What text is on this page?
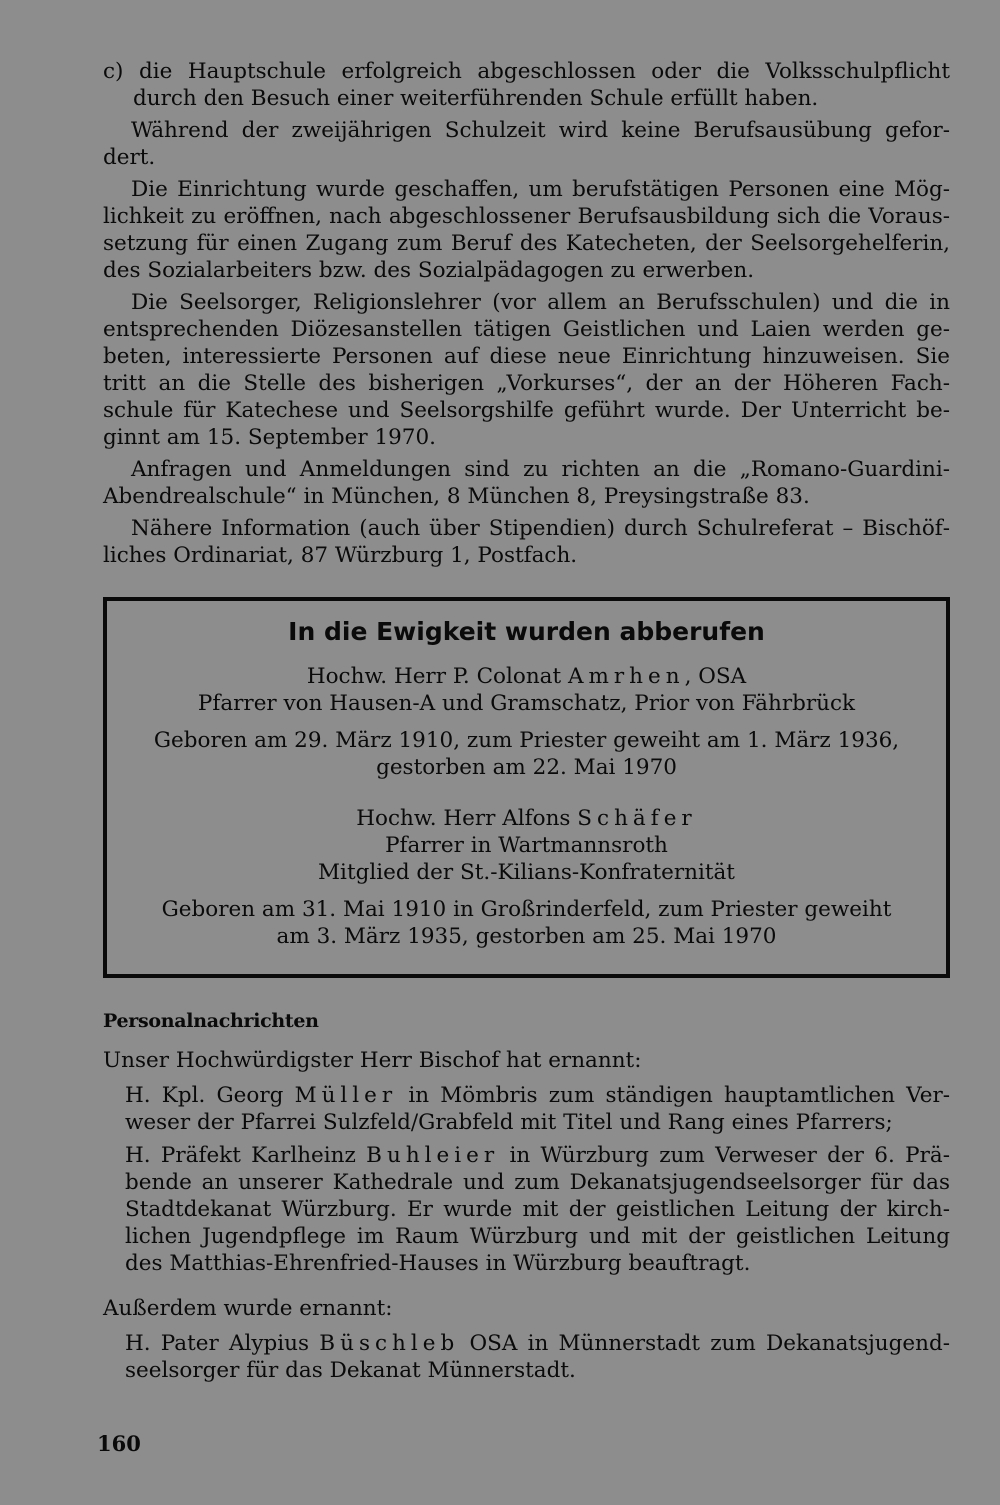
c) die Hauptschule erfolgreich abgeschlossen oder die Volksschulpflicht durch den Besuch einer weiterführenden Schule erfüllt haben.

Während der zweijährigen Schulzeit wird keine Berufsausübung gefordert.

Die Einrichtung wurde geschaffen, um berufstätigen Personen eine Möglichkeit zu eröffnen, nach abgeschlossener Berufsausbildung sich die Voraussetzung für einen Zugang zum Beruf des Katecheten, der Seelsorgehelferin, des Sozialarbeiters bzw. des Sozialpädagogen zu erwerben.

Die Seelsorger, Religionslehrer (vor allem an Berufsschulen) und die in entsprechenden Diözesanstellen tätigen Geistlichen und Laien werden gebeten, interessierte Personen auf diese neue Einrichtung hinzuweisen. Sie tritt an die Stelle des bisherigen „Vorkurses“, der an der Höheren Fachschule für Katechese und Seelsorgshilfe geführt wurde. Der Unterricht beginnt am 15. September 1970.

Anfragen und Anmeldungen sind zu richten an die „Romano-Guardini-Abendrealschule“ in München, 8 München 8, Preysingstraße 83.

Nähere Information (auch über Stipendien) durch Schulreferat – Bischöfliches Ordinariat, 87 Würzburg 1, Postfach.

In die Ewigkeit wurden abberufen

Hochw. Herr P. Colonat Amrhen, OSA

Pfarrer von Hausen-A und Gramschatz, Prior von Fährbrück

Geboren am 29. März 1910, zum Priester geweiht am 1. März 1936,

gestorben am 22. Mai 1970

Hochw. Herr Alfons Schäfer

Pfarrer in Wartmannsroth

Mitglied der St.-Kilians-Konfraternität

Geboren am 31. Mai 1910 in Großrinderfeld, zum Priester geweiht

am 3. März 1935, gestorben am 25. Mai 1970

Personalnachrichten

Unser Hochwürdigster Herr Bischof hat ernannt:

H. Kpl. Georg Müller in Mömbris zum ständigen hauptamtlichen Verweser der Pfarrei Sulzfeld/Grabfeld mit Titel und Rang eines Pfarrers;

H. Präfekt Karlheinz Buhleier in Würzburg zum Verweser der 6. Präbende an unserer Kathedrale und zum Dekanatsjugendseelsorger für das Stadtdekanat Würzburg. Er wurde mit der geistlichen Leitung der kirchlichen Jugendpflege im Raum Würzburg und mit der geistlichen Leitung des Matthias-Ehrenfried-Hauses in Würzburg beauftragt.

Außerdem wurde ernannt:

H. Pater Alypius Büschleb OSA in Münnerstadt zum Dekanatsjugendseelsorger für das Dekanat Münnerstadt.

160
